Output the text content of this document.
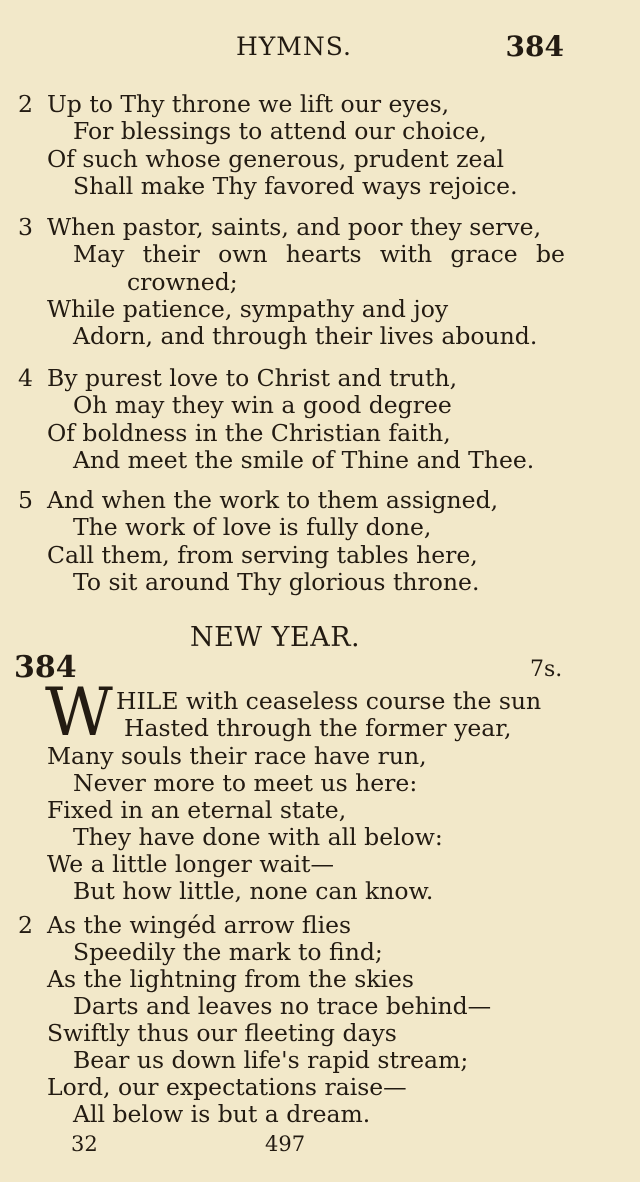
HYMNS.	384
2 Up to Thy throne we lift our eyes,
For blessings to attend our choice,
Of such whose generous, prudent zeal
Shall make Thy favored ways rejoice.
3 When pastor, saints, and poor they serve,
May their own hearts with grace be
crowned;
While patience, sympathy and joy
Adorn, and through their lives abound.
4 By purest love to Christ and truth,
Oh may they win a good degree
Of boldness in the Christian faith,
And meet the smile of Thine and Thee.
5 And when the work to them assigned,
The work of love is fully done,
Call them, from serving tables here,
To sit around Thy glorious throne.
NEW YEAR.
384	7s.
W HILE with ceaseless course the sun
Hasted through the former year,
Many souls their race have run,
Never more to meet us here:
Fixed in an eternal state,
They have done with all below:
We a little longer wait—
But how little, none can know.
2 As the wingéd arrow flies
Speedily the mark to find;
As the lightning from the skies
Darts and leaves no trace behind—
Swiftly thus our fleeting days
Bear us down life's rapid stream;
Lord, our expectations raise—
All below is but a dream.
32	497
